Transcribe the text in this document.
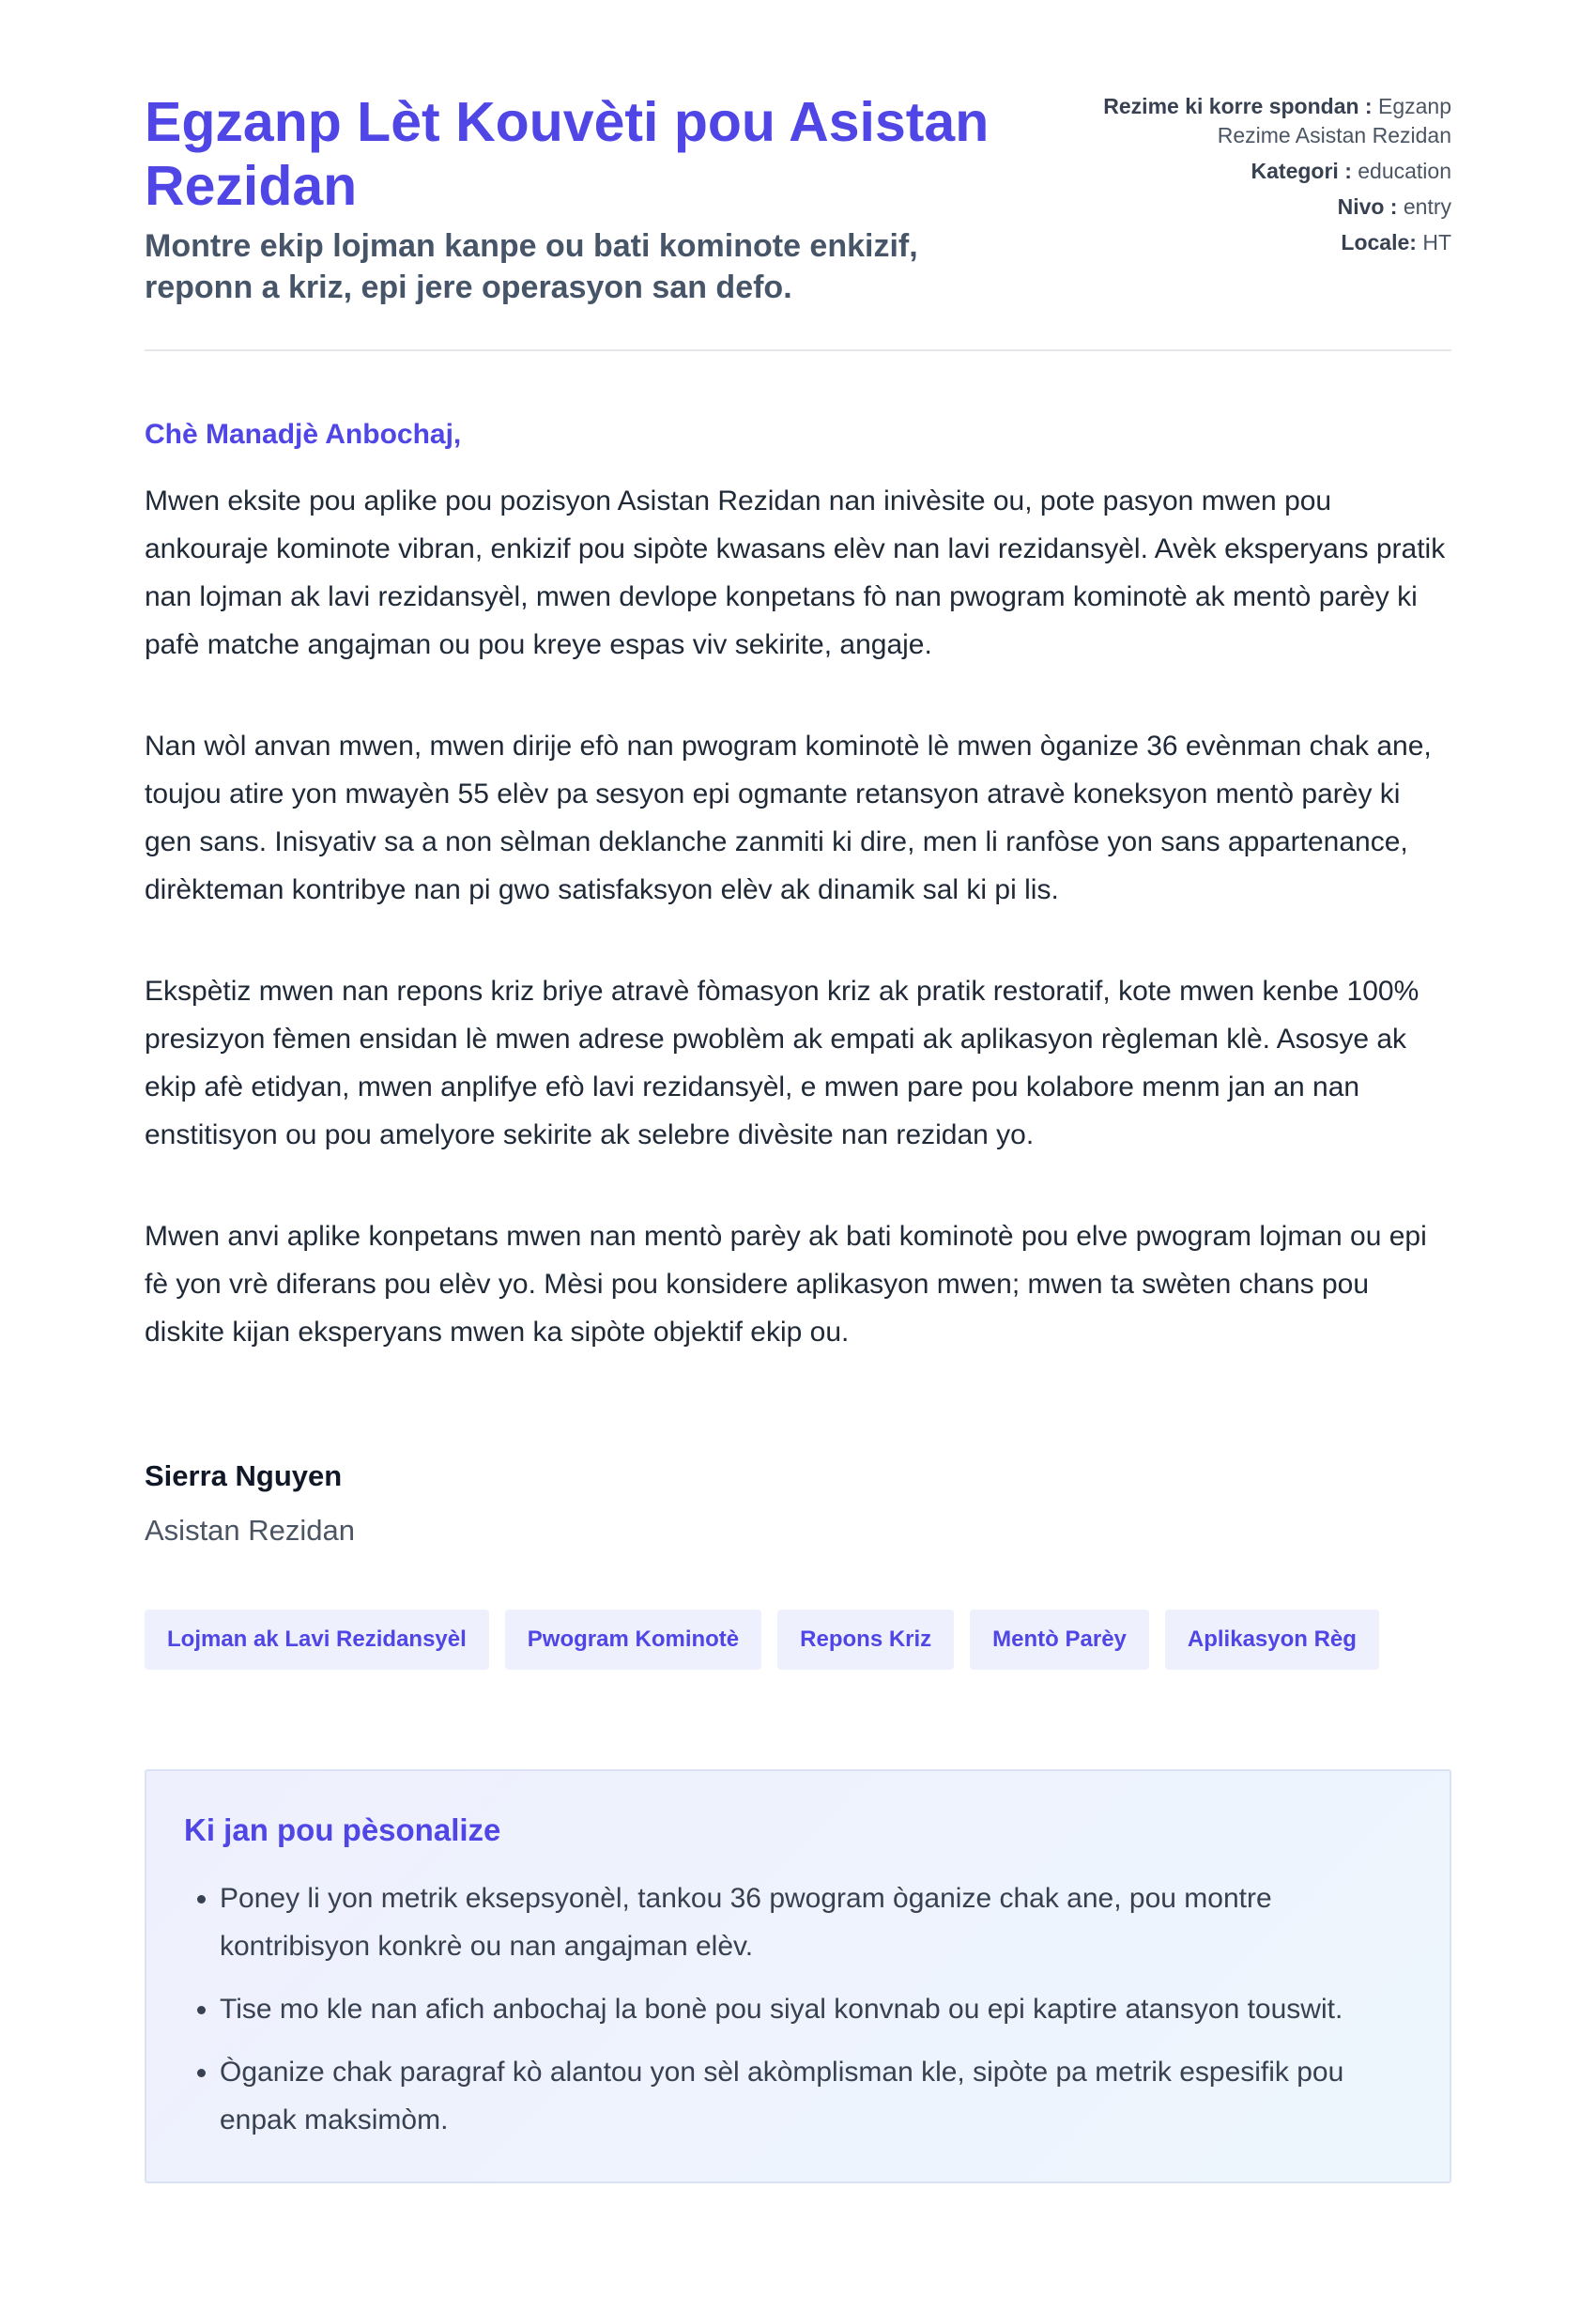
Egzanp Lèt Kouvèti pou Asistan Rezidan

Montre ekip lojman kanpe ou bati kominote enkizif, reponn a kriz, epi jere operasyon san defo.

Rezime ki korre spondan : Egzanp Rezime Asistan Rezidan
Kategori : education
Nivo : entry
Locale: HT
Chè Manadjè Anbochaj,

Mwen eksite pou aplike pou pozisyon Asistan Rezidan nan inivèsite ou, pote pasyon mwen pou ankouraje kominote vibran, enkizif pou sipòte kwasans elèv nan lavi rezidansyèl. Avèk eksperyans pratik nan lojman ak lavi rezidansyèl, mwen devlope konpetans fò nan pwogram kominotè ak mentò parèy ki pafè matche angajman ou pou kreye espas viv sekirite, angaje.

Nan wòl anvan mwen, mwen dirije efò nan pwogram kominotè lè mwen òganize 36 evènman chak ane, toujou atire yon mwayèn 55 elèv pa sesyon epi ogmante retansyon atravè koneksyon mentò parèy ki gen sans. Inisyativ sa a non sèlman deklanche zanmiti ki dire, men li ranfòse yon sans appartenance, dirèkteman kontribye nan pi gwo satisfaksyon elèv ak dinamik sal ki pi lis.

Ekspètiz mwen nan repons kriz briye atravè fòmasyon kriz ak pratik restoratif, kote mwen kenbe 100% presizyon fèmen ensidan lè mwen adrese pwoblèm ak empati ak aplikasyon règleman klè. Asosye ak ekip afè etidyan, mwen anplifye efò lavi rezidansyèl, e mwen pare pou kolabore menm jan an nan enstitisyon ou pou amelyore sekirite ak selebre divèsite nan rezidan yo.

Mwen anvi aplike konpetans mwen nan mentò parèy ak bati kominotè pou elve pwogram lojman ou epi fè yon vrè diferans pou elèv yo. Mèsi pou konsidere aplikasyon mwen; mwen ta swèten chans pou diskite kijan eksperyans mwen ka sipòte objektif ekip ou.

Sierra Nguyen
Asistan Rezidan
Lojman ak Lavi Rezidansyèl	Pwogram Kominotè	Repons Kriz	Mentò Parèy	Aplikasyon Règ
Ki jan pou pèsonalize
• Poney li yon metrik eksepsyonèl, tankou 36 pwogram òganize chak ane, pou montre kontribisyon konkrè ou nan angajman elèv.
• Tise mo kle nan afich anbochaj la bonè pou siyal konvnab ou epi kaptire atansyon touswit.
• Òganize chak paragraf kò alantou yon sèl akòmplisman kle, sipòte pa metrik espesifik pou enpak maksimòm.
